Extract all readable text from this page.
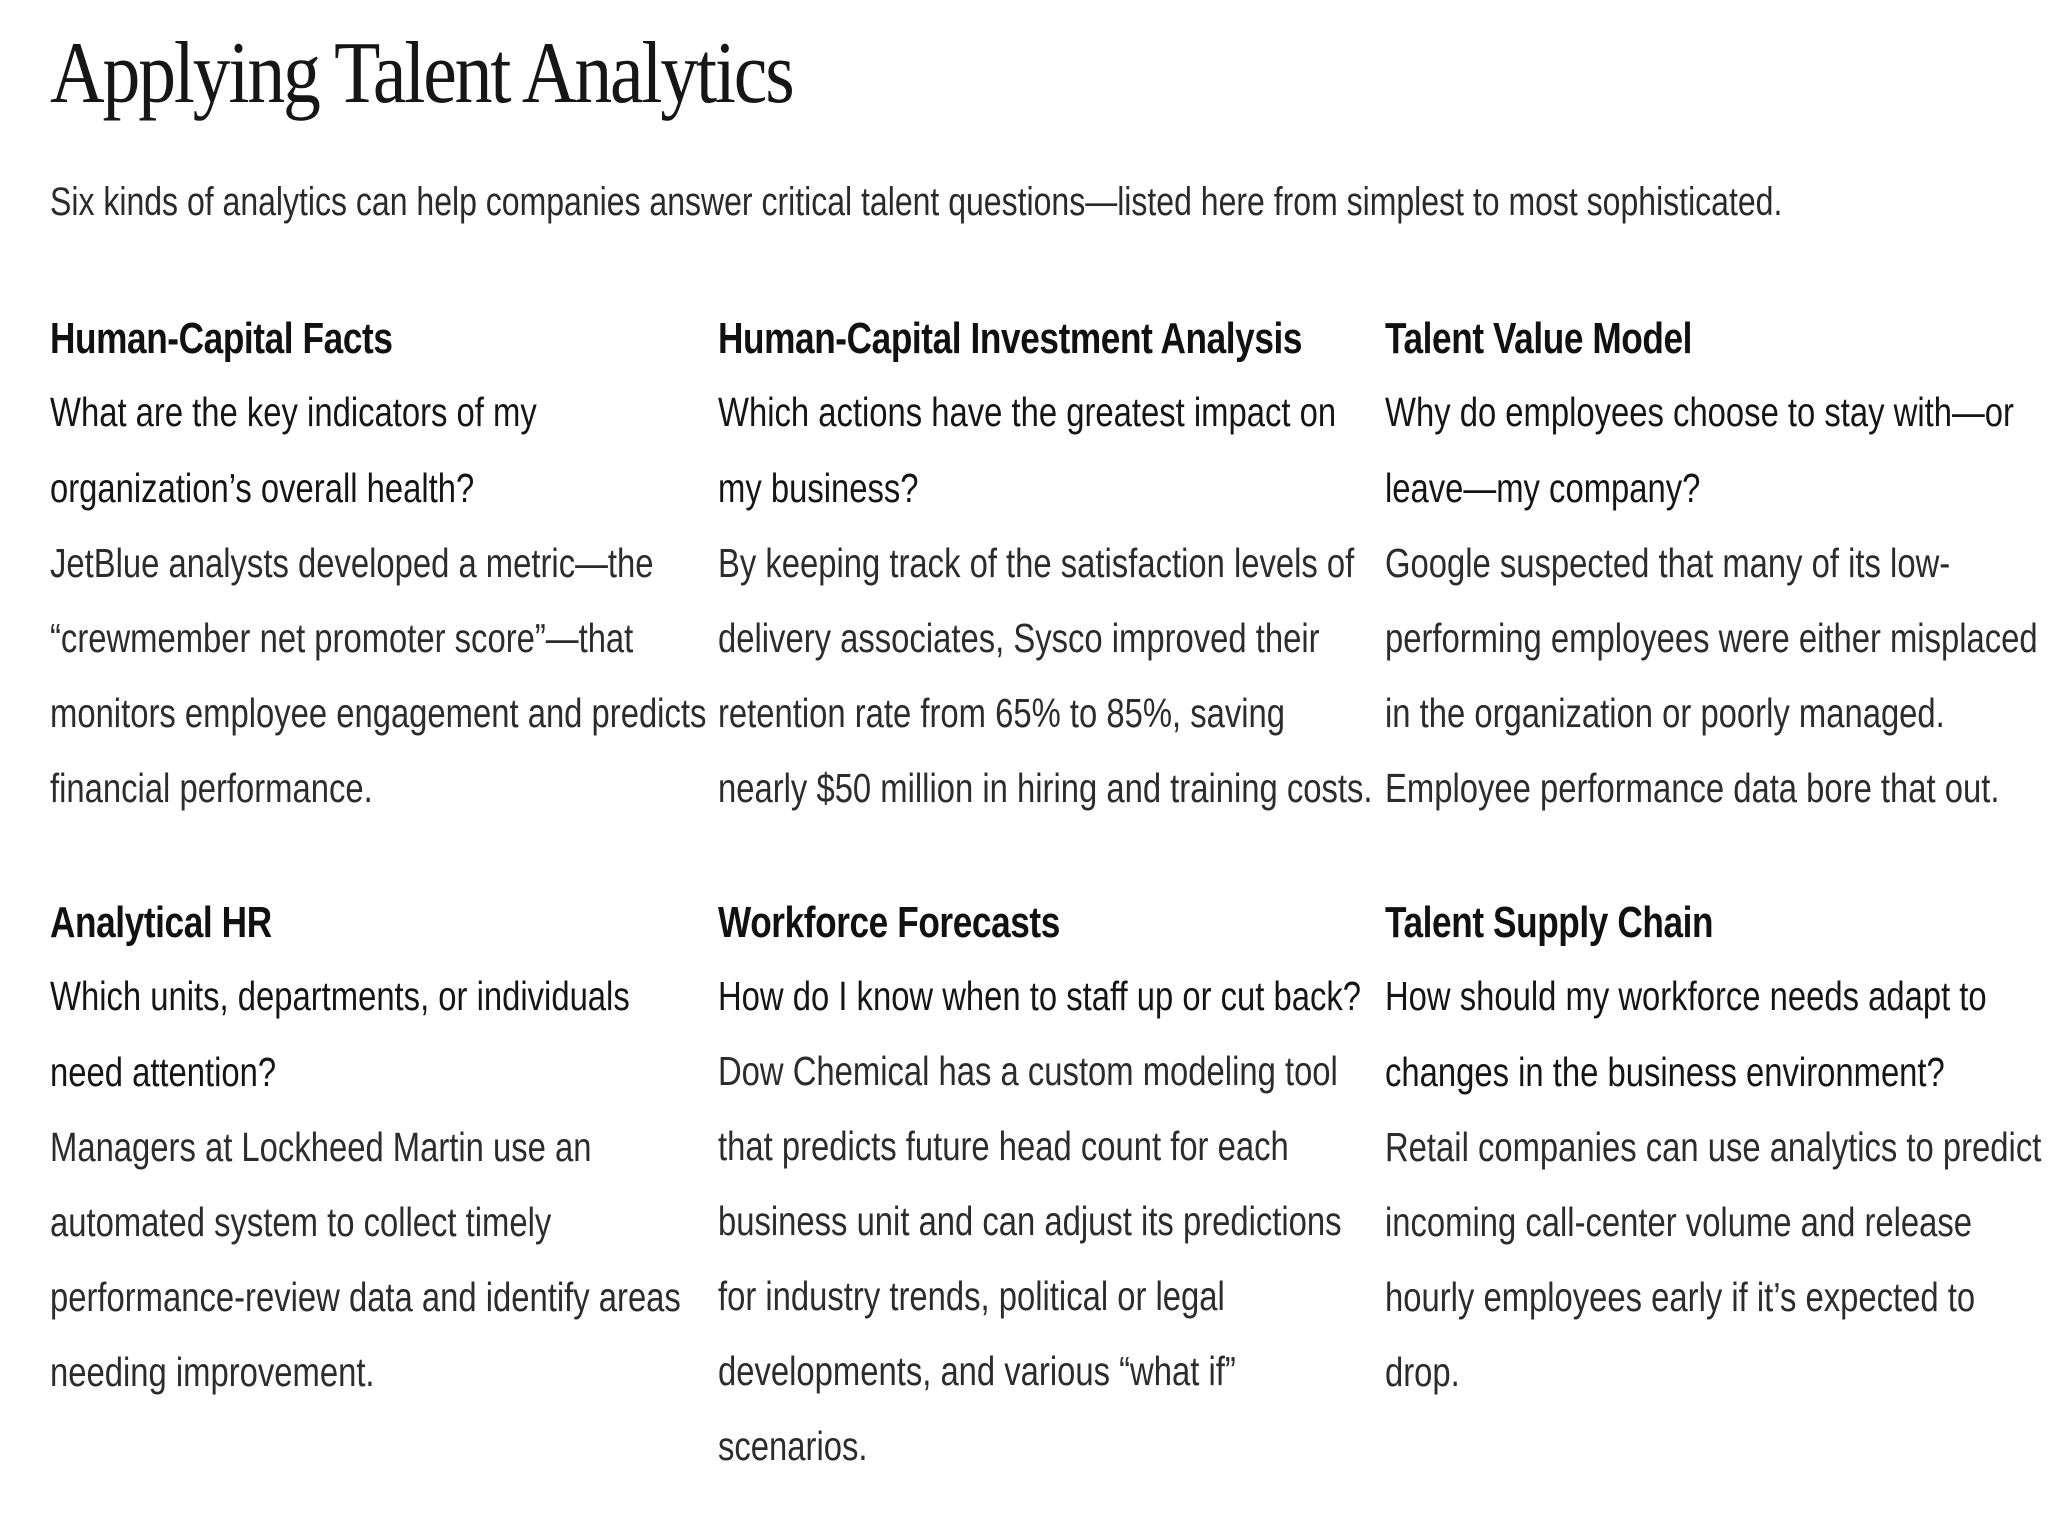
Applying Talent Analytics

Six kinds of analytics can help companies answer critical talent questions—listed here from simplest to most sophisticated.

Human-Capital Facts

What are the key indicators of my organization’s overall health?

JetBlue analysts developed a metric—the “crewmember net promoter score”—that monitors employee engagement and predicts financial performance.

Human-Capital Investment Analysis

Which actions have the greatest impact on my business?

By keeping track of the satisfaction levels of delivery associates, Sysco improved their retention rate from 65% to 85%, saving nearly $50 million in hiring and training costs.

Talent Value Model

Why do employees choose to stay with—or leave—my company?

Google suspected that many of its low-performing employees were either misplaced in the organization or poorly managed. Employee performance data bore that out.

Analytical HR

Which units, departments, or individuals need attention?

Managers at Lockheed Martin use an automated system to collect timely performance-review data and identify areas needing improvement.

Workforce Forecasts

How do I know when to staff up or cut back?

Dow Chemical has a custom modeling tool that predicts future head count for each business unit and can adjust its predictions for industry trends, political or legal developments, and various “what if” scenarios.

Talent Supply Chain

How should my workforce needs adapt to changes in the business environment?

Retail companies can use analytics to predict incoming call-center volume and release hourly employees early if it’s expected to drop.
